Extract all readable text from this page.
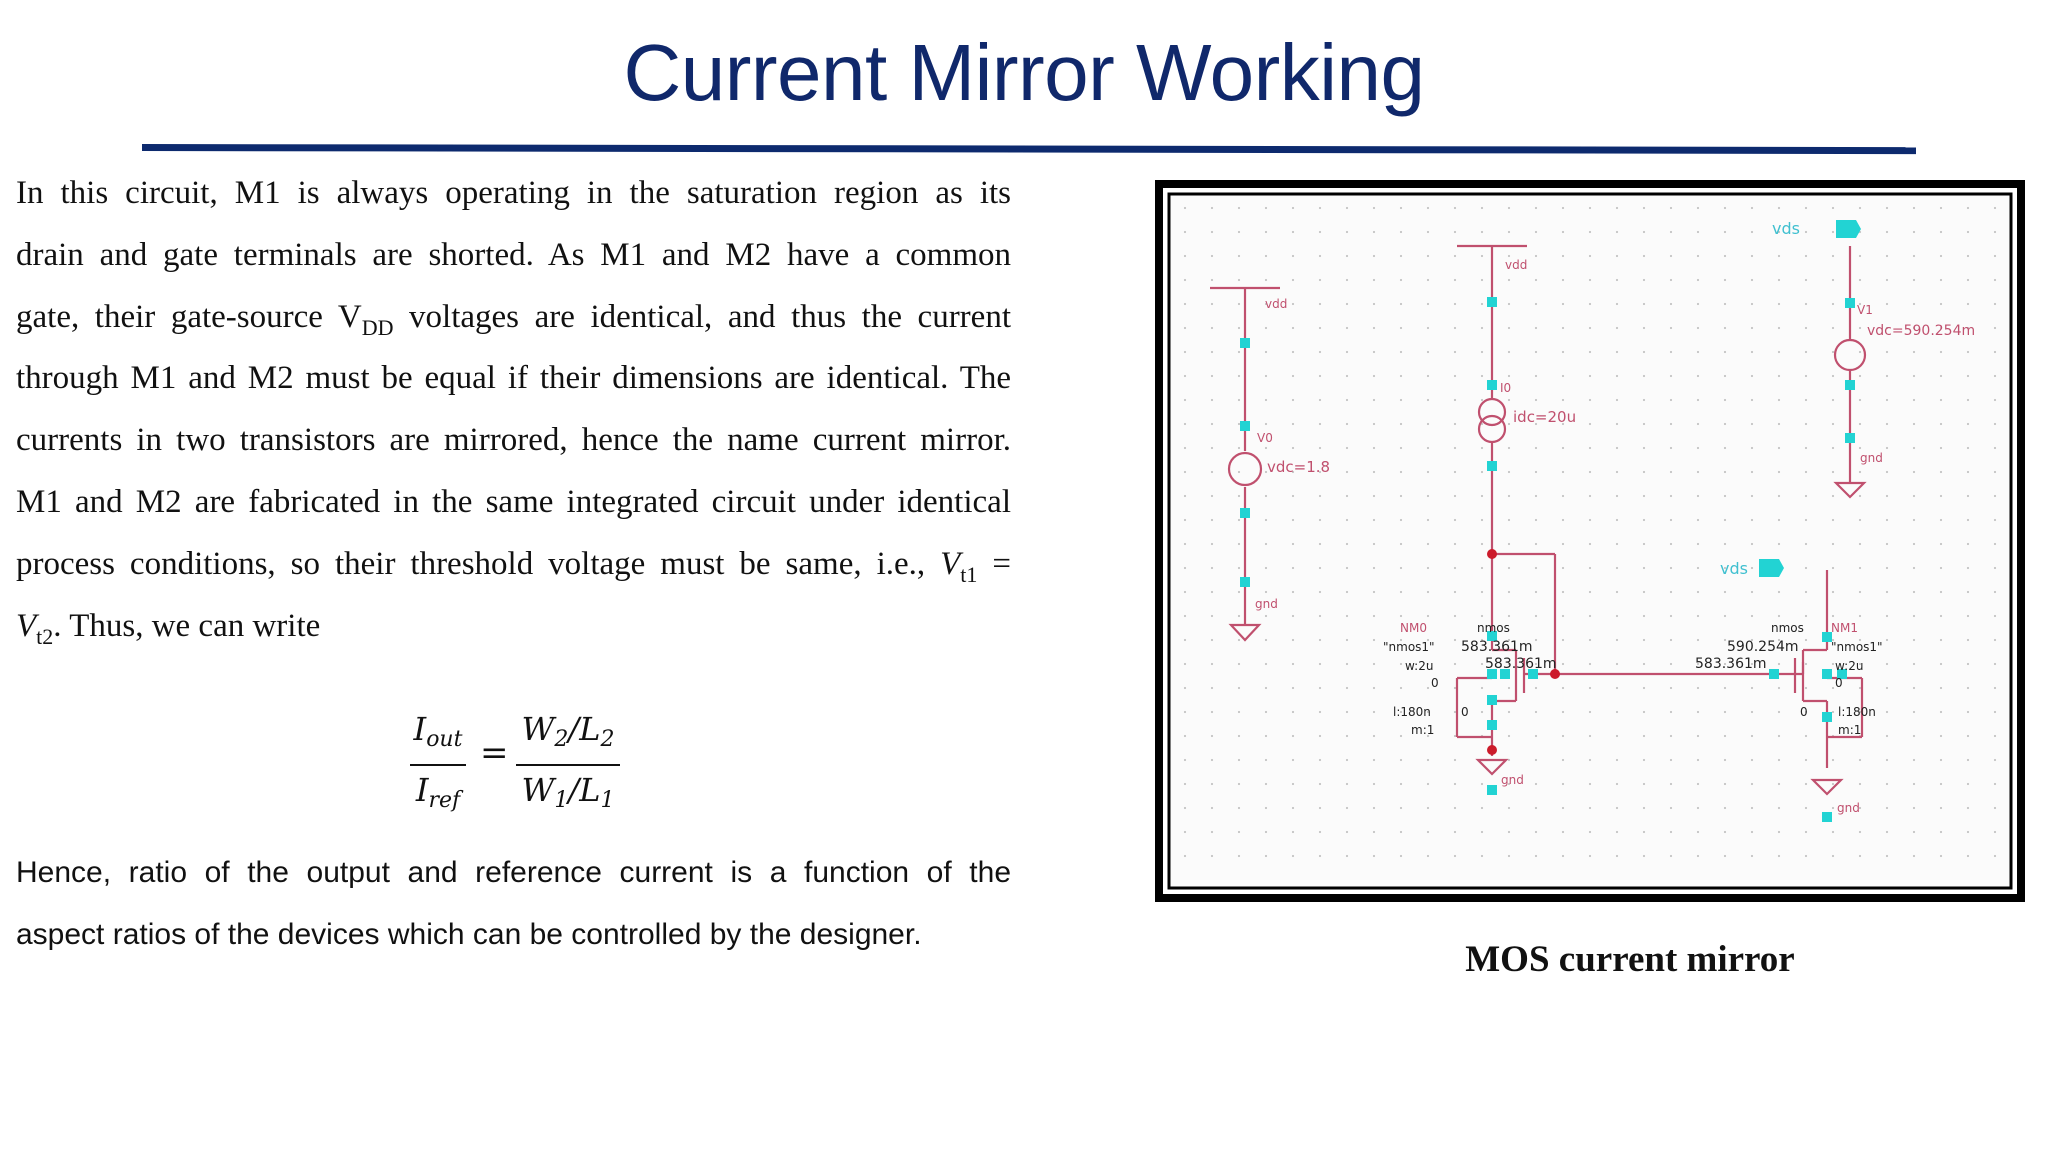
Current Mirror Working
In this circuit, M1 is always operating in the saturation region as its
drain and gate terminals are shorted. As M1 and M2 have a common
gate, their gate-source $V_{DD}$ voltages are identical, and thus the current
through M1 and M2 must be equal if their dimensions are identical. The
currents in two transistors are mirrored, hence the name current mirror.
M1 and M2 are fabricated in the same integrated circuit under identical
process conditions, so their threshold voltage must be same, i.e., $V_{t1}$ =
$V_{t2}$. Thus, we can write
Iout
Iref
=
W2/L2
W1/L1
Hence, ratio of the output and reference current is a function of the
aspect ratios of the devices which can be controlled by the designer.
vdd
V0
vdc=1.8
gnd
vdd
I0
idc=20u
vds
V1
vdc=590.254m
gnd
vds
NM0	nmos
"nmos1" 583.361m
w:2u
0
l:180n	0
m:1
583.361m	583.361m
nmos NM1
590.254m	"nmos1"
w:2u
0
0	l:180n
m:1
gnd
gnd
MOS current mirror
